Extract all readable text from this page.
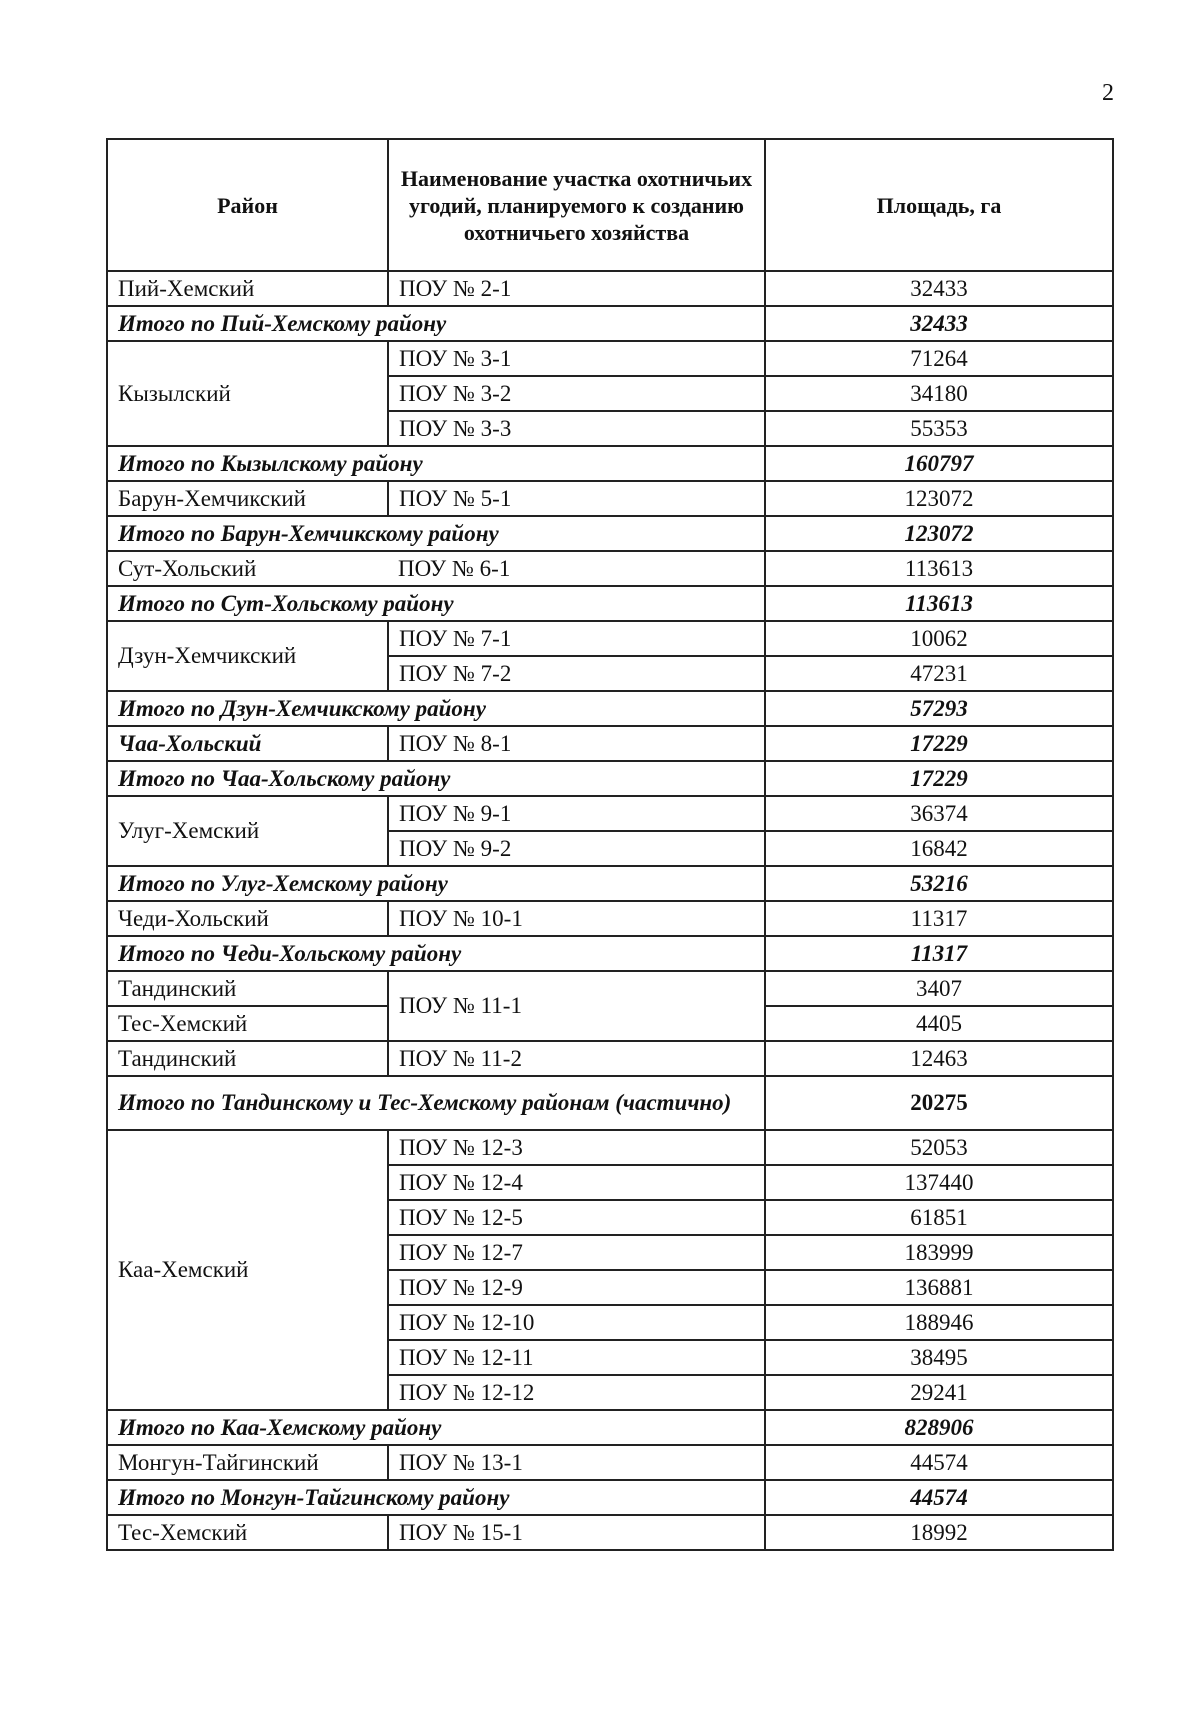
2
Район	Наименование участка охотничьих угодий, планируемого к созданию охотничьего хозяйства	Площадь, га
Пий-Хемский	ПОУ № 2-1	32433
Итого по Пий-Хемскому району		32433
Кызылский	ПОУ № 3-1	71264
	ПОУ № 3-2	34180
	ПОУ № 3-3	55353
Итого по Кызылскому району		160797
Барун-Хемчикский	ПОУ № 5-1	123072
Итого по Барун-Хемчикскому району		123072
Сут-Хольский	ПОУ № 6-1	113613
Итого по Сут-Хольскому району		113613
Дзун-Хемчикский	ПОУ № 7-1	10062
	ПОУ № 7-2	47231
Итого по Дзун-Хемчикскому району		57293
Чаа-Хольский	ПОУ № 8-1	17229
Итого по Чаа-Хольскому району		17229
Улуг-Хемский	ПОУ № 9-1	36374
	ПОУ № 9-2	16842
Итого по Улуг-Хемскому району		53216
Чеди-Хольский	ПОУ № 10-1	11317
Итого по Чеди-Хольскому району		11317
Тандинский	ПОУ № 11-1	3407
Тес-Хемский		4405
Тандинский	ПОУ № 11-2	12463
Итого по Тандинскому и Тес-Хемскому районам (частично)		20275
Каа-Хемский	ПОУ № 12-3	52053
	ПОУ № 12-4	137440
	ПОУ № 12-5	61851
	ПОУ № 12-7	183999
	ПОУ № 12-9	136881
	ПОУ № 12-10	188946
	ПОУ № 12-11	38495
	ПОУ № 12-12	29241
Итого по Каа-Хемскому району		828906
Монгун-Тайгинский	ПОУ № 13-1	44574
Итого по Монгун-Тайгинскому району		44574
Тес-Хемский	ПОУ № 15-1	18992
